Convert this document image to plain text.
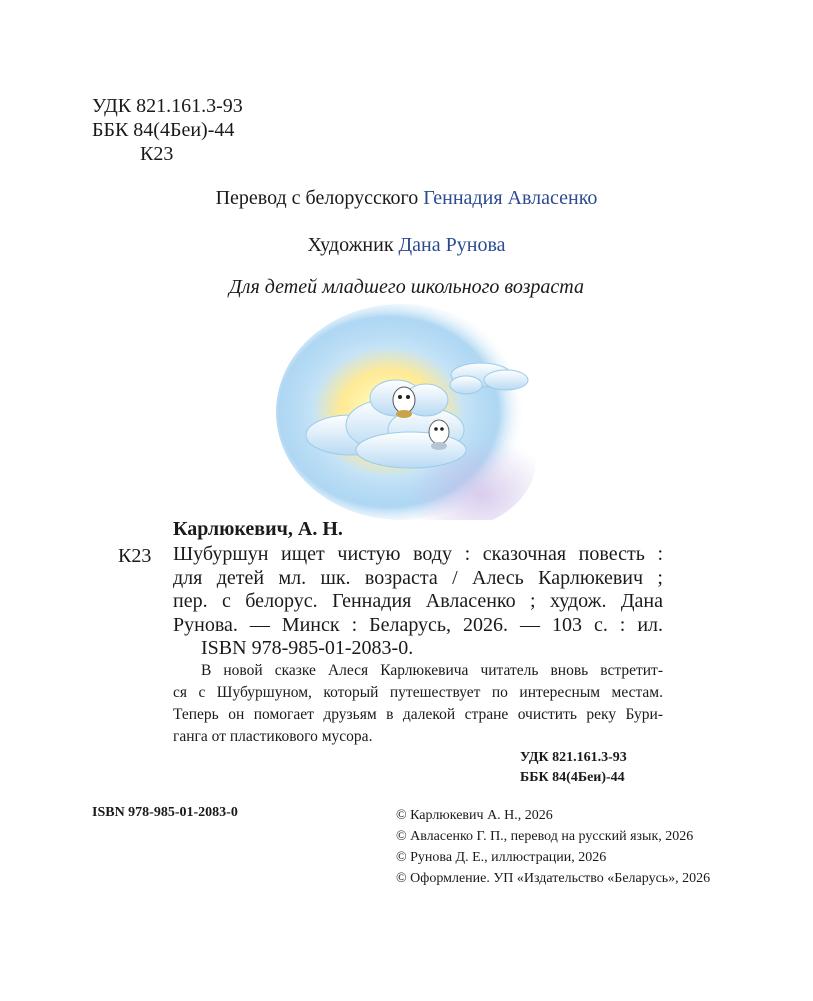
УДК 821.161.3-93
ББК 84(4Беи)-44
К23
Перевод с белорусского Геннадия Авласенко
Художник Дана Рунова
Для детей младшего школьного возраста
Карлюкевич, А. Н.
К23 Шубуршун ищет чистую воду : сказочная повесть :
для детей мл. шк. возраста / Алесь Карлюкевич ;
пер. с белорус. Геннадия Авласенко ; худож. Дана
Рунова. — Минск : Беларусь, 2026. — 103 с. : ил.
ISBN 978-985-01-2083-0.
В новой сказке Алеся Карлюкевича читатель вновь встретит-
ся с Шубуршуном, который путешествует по интересным местам.
Теперь он помогает друзьям в далекой стране очистить реку Бури-
ганга от пластикового мусора.
УДК 821.161.3-93
ББК 84(4Беи)-44
ISBN 978-985-01-2083-0	© Карлюкевич А. Н., 2026
© Авласенко Г. П., перевод на русский язык, 2026
© Рунова Д. Е., иллюстрации, 2026
© Оформление. УП «Издательство «Беларусь», 2026
